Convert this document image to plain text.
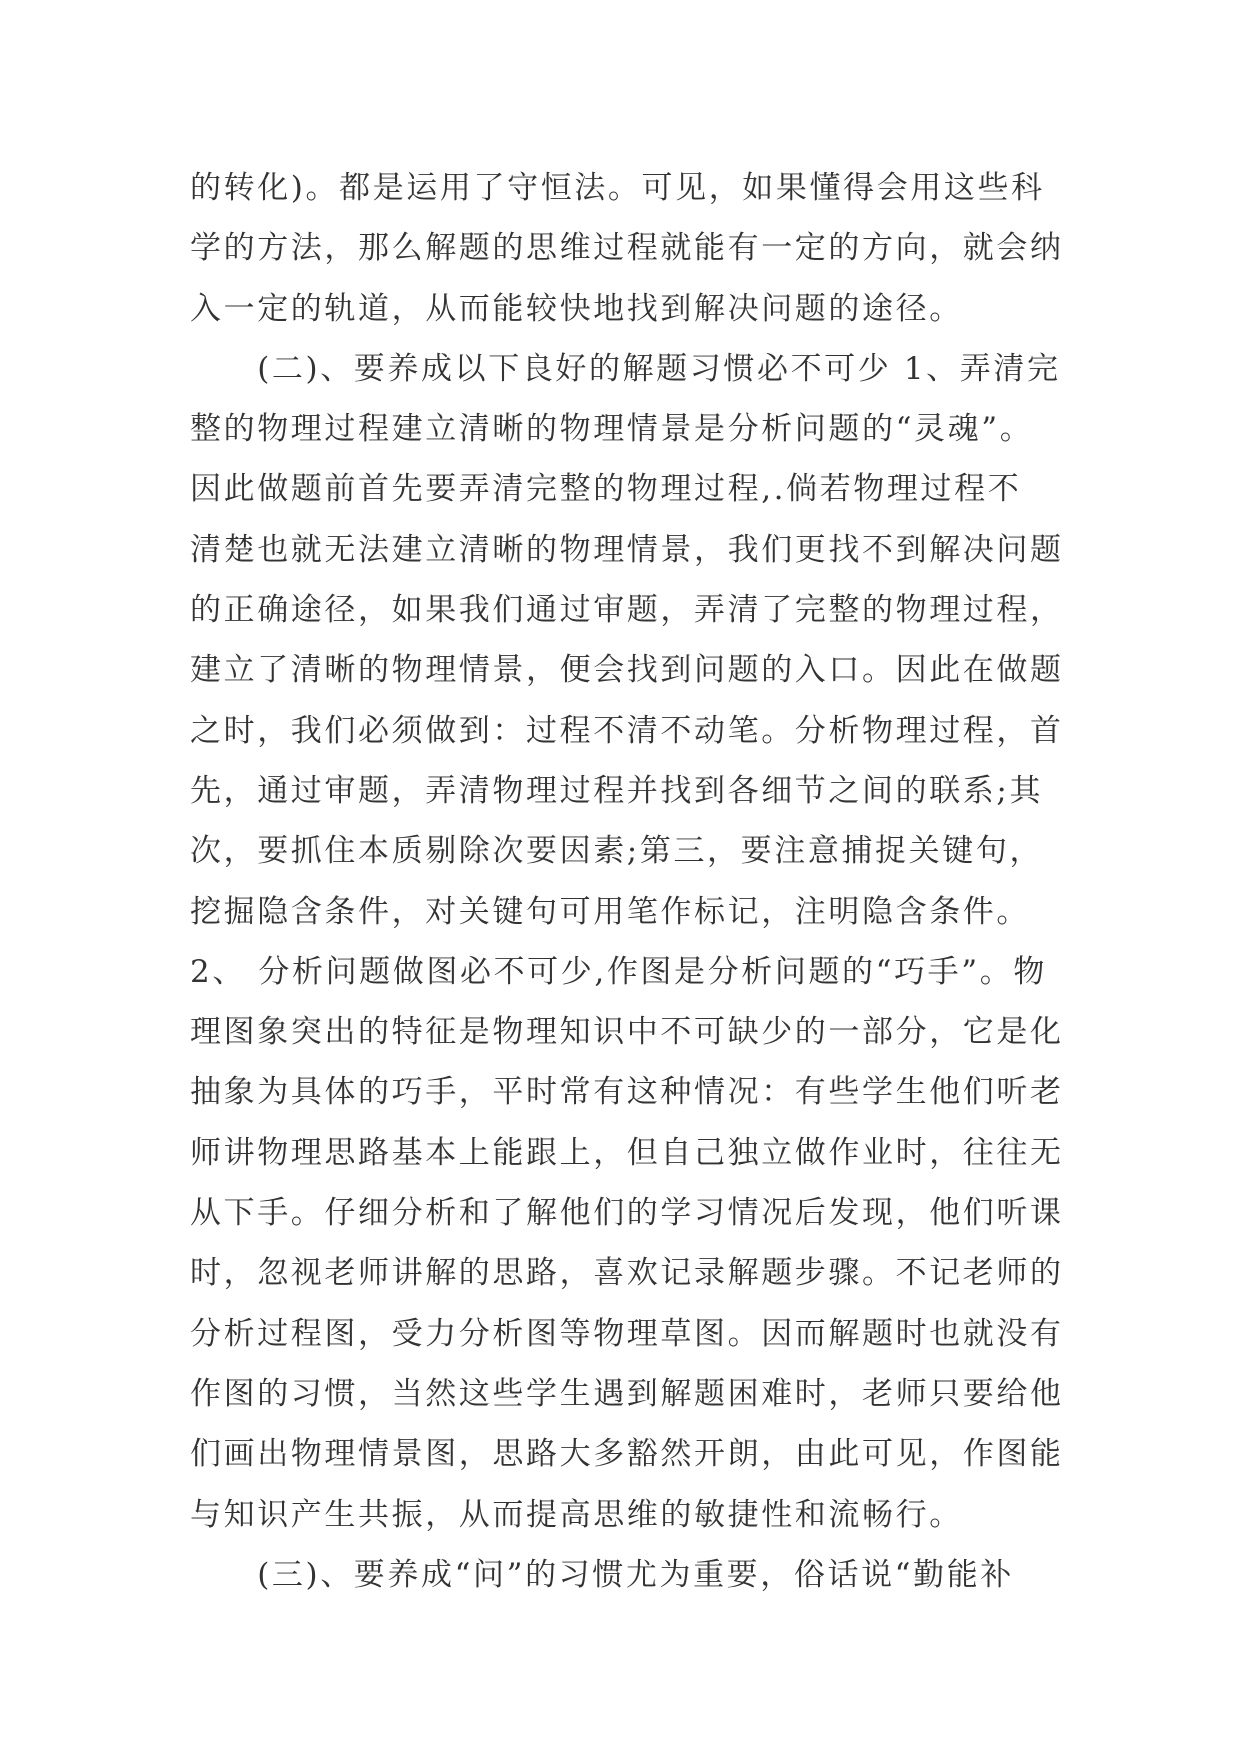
的转化)。都是运用了守恒法。可见，如果懂得会用这些科
学的方法，那么解题的思维过程就能有一定的方向，就会纳
入一定的轨道，从而能较快地找到解决问题的途径。
　　(二)、要养成以下良好的解题习惯必不可少 1、弄清完
整的物理过程建立清晰的物理情景是分析问题的“灵魂”。
因此做题前首先要弄清完整的物理过程,.倘若物理过程不
清楚也就无法建立清晰的物理情景，我们更找不到解决问题
的正确途径，如果我们通过审题，弄清了完整的物理过程，
建立了清晰的物理情景，便会找到问题的入口。因此在做题
之时，我们必须做到：过程不清不动笔。分析物理过程，首
先，通过审题，弄清物理过程并找到各细节之间的联系;其
次，要抓住本质剔除次要因素;第三，要注意捕捉关键句，
挖掘隐含条件，对关键句可用笔作标记，注明隐含条件。
2、 分析问题做图必不可少,作图是分析问题的“巧手”。物
理图象突出的特征是物理知识中不可缺少的一部分，它是化
抽象为具体的巧手，平时常有这种情况：有些学生他们听老
师讲物理思路基本上能跟上，但自己独立做作业时，往往无
从下手。仔细分析和了解他们的学习情况后发现，他们听课
时，忽视老师讲解的思路，喜欢记录解题步骤。不记老师的
分析过程图，受力分析图等物理草图。因而解题时也就没有
作图的习惯，当然这些学生遇到解题困难时，老师只要给他
们画出物理情景图，思路大多豁然开朗，由此可见，作图能
与知识产生共振，从而提高思维的敏捷性和流畅行。
　　(三)、要养成“问”的习惯尤为重要，俗话说“勤能补
